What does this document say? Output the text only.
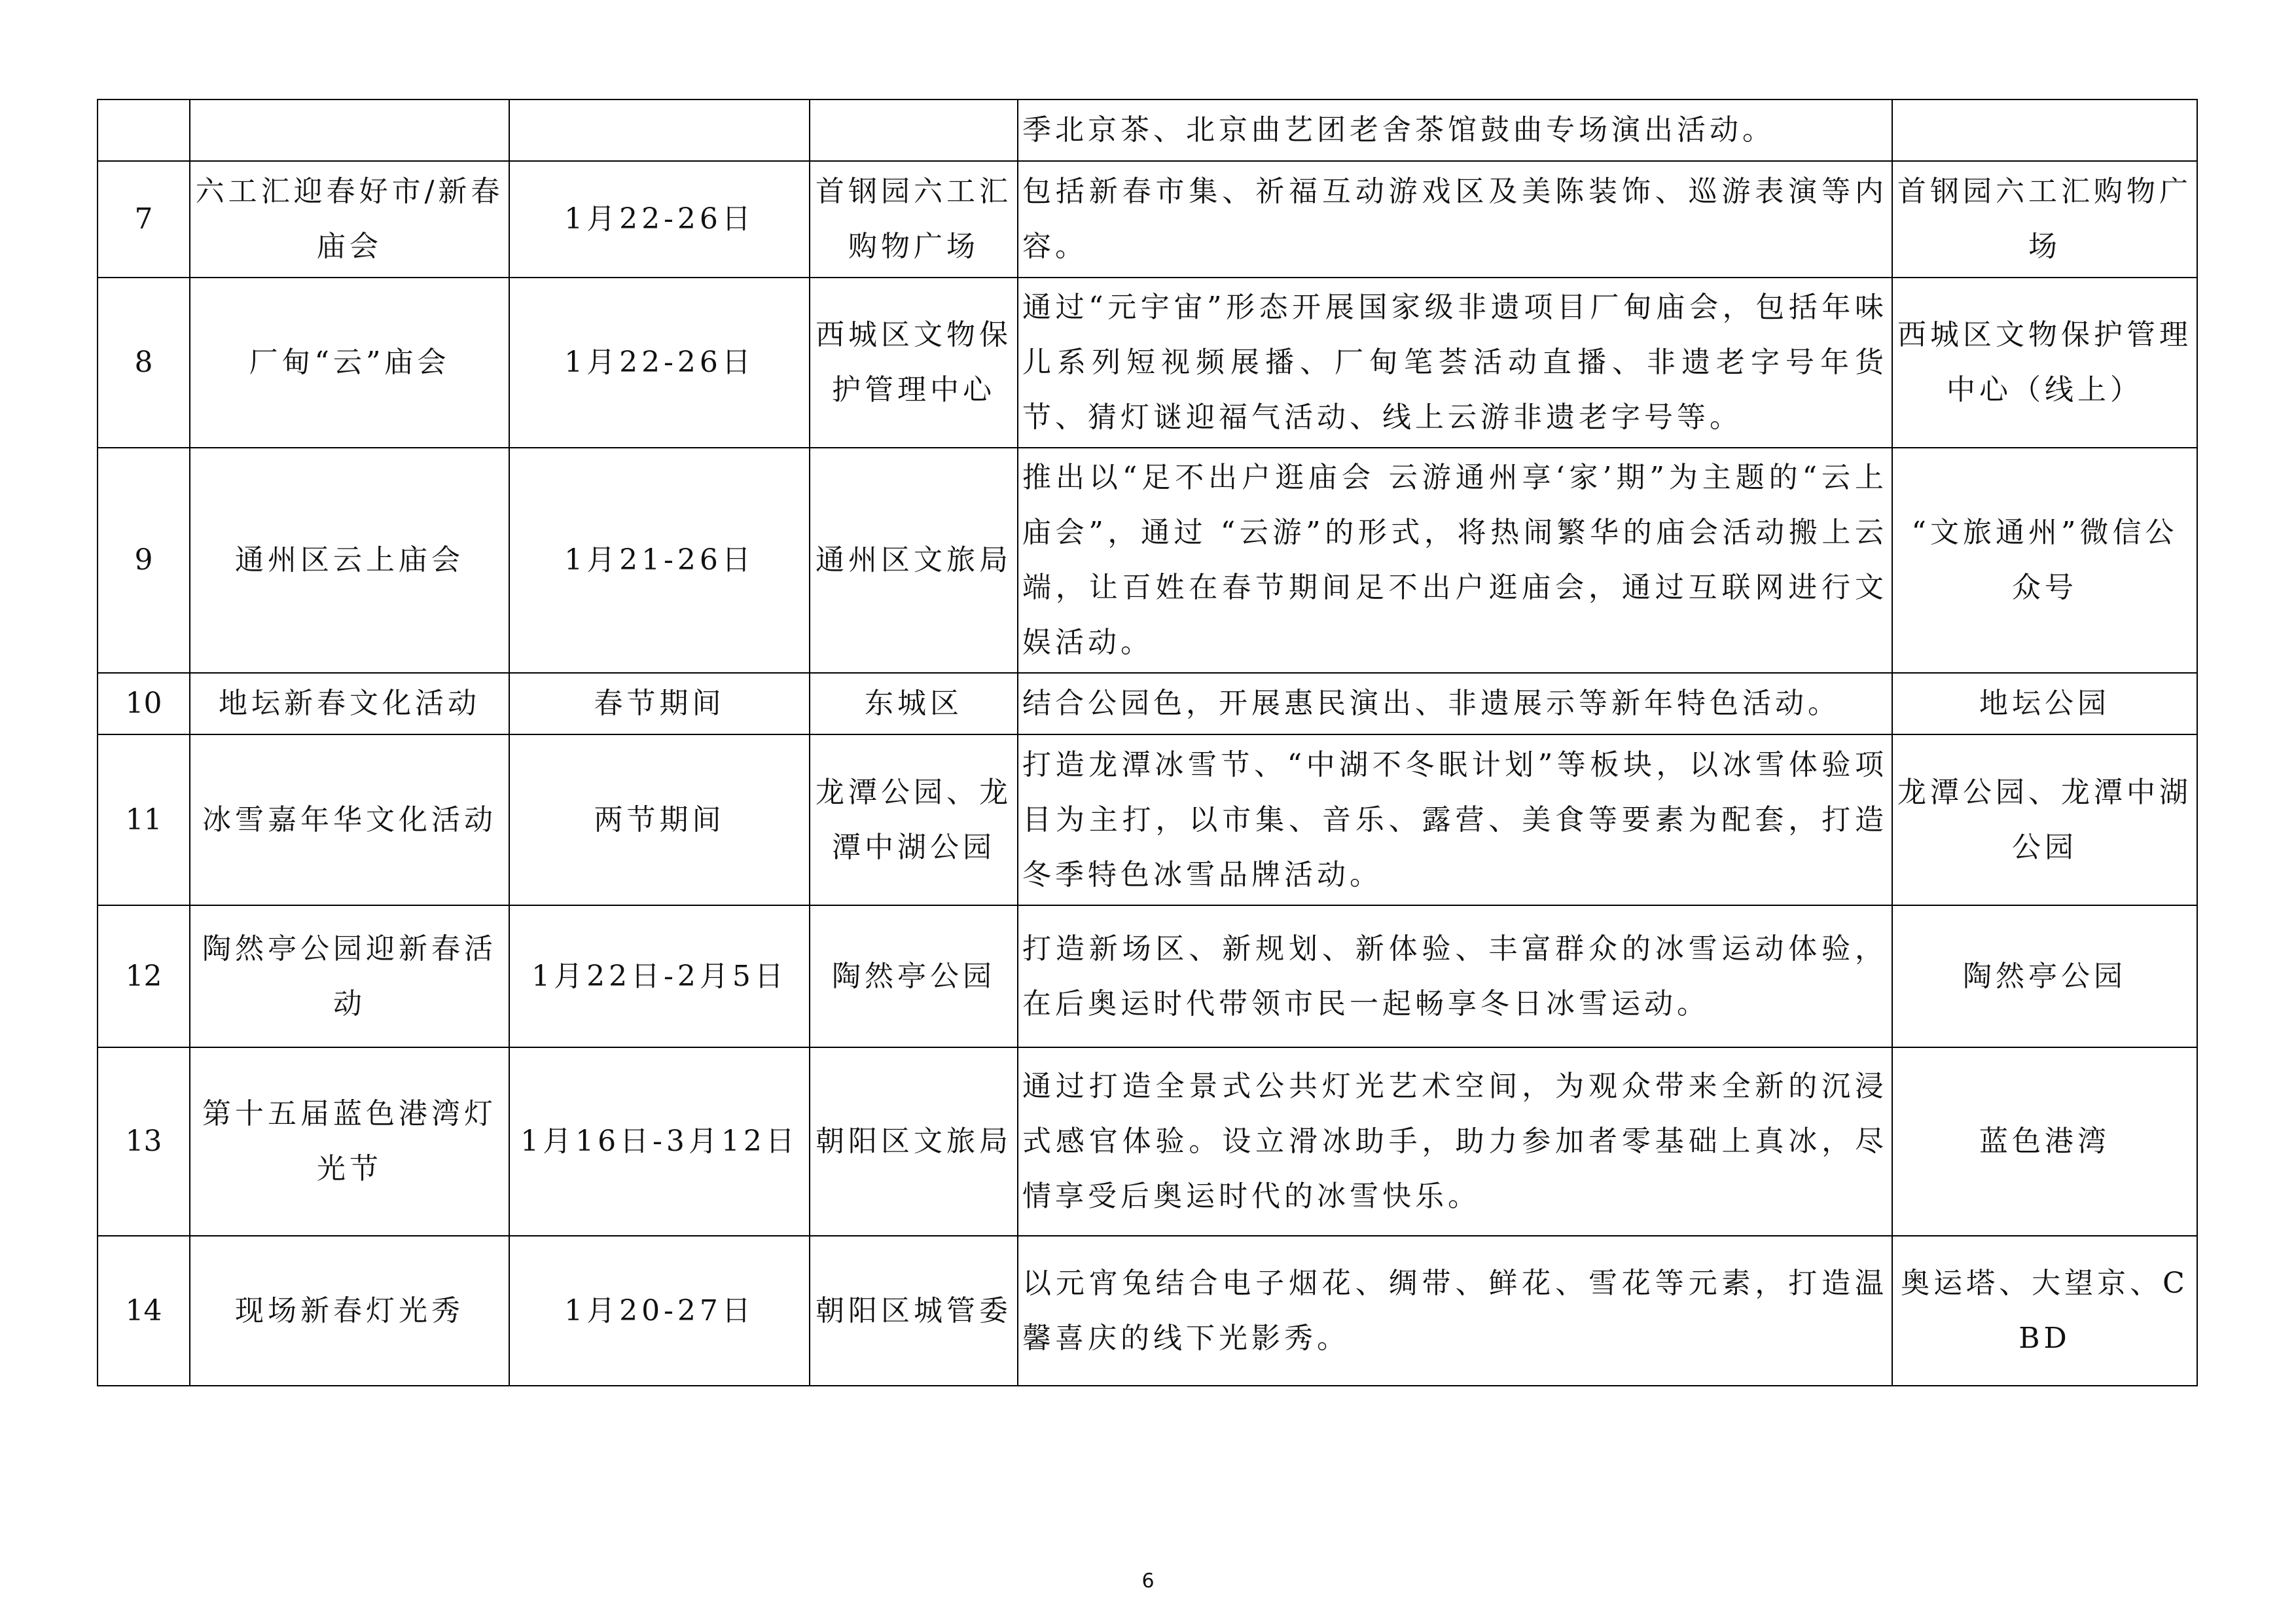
				季北京茶、北京曲艺团老舍茶馆鼓曲专场演出活动。	
7	六工汇迎春好市/新春庙会	1月22-26日	首钢园六工汇购物广场	包括新春市集、祈福互动游戏区及美陈装饰、巡游表演等内容。	首钢园六工汇购物广场
8	厂甸“云”庙会	1月22-26日	西城区文物保护管理中心	通过“元宇宙”形态开展国家级非遗项目厂甸庙会，包括年味儿系列短视频展播、厂甸笔荟活动直播、非遗老字号年货节、猜灯谜迎福气活动、线上云游非遗老字号等。	西城区文物保护管理中心（线上）
9	通州区云上庙会	1月21-26日	通州区文旅局	推出以“足不出户逛庙会 云游通州享‘家’期”为主题的“云上庙会”，通过 “云游”的形式，将热闹繁华的庙会活动搬上云端，让百姓在春节期间足不出户逛庙会，通过互联网进行文娱活动。	“文旅通州”微信公众号
10	地坛新春文化活动	春节期间	东城区	结合公园色，开展惠民演出、非遗展示等新年特色活动。	地坛公园
11	冰雪嘉年华文化活动	两节期间	龙潭公园、龙潭中湖公园	打造龙潭冰雪节、“中湖不冬眠计划”等板块，以冰雪体验项目为主打，以市集、音乐、露营、美食等要素为配套，打造冬季特色冰雪品牌活动。	龙潭公园、龙潭中湖公园
12	陶然亭公园迎新春活动	1月22日-2月5日	陶然亭公园	打造新场区、新规划、新体验、丰富群众的冰雪运动体验，在后奥运时代带领市民一起畅享冬日冰雪运动。	陶然亭公园
13	第十五届蓝色港湾灯光节	1月16日-3月12日	朝阳区文旅局	通过打造全景式公共灯光艺术空间，为观众带来全新的沉浸式感官体验。设立滑冰助手，助力参加者零基础上真冰，尽情享受后奥运时代的冰雪快乐。	蓝色港湾
14	现场新春灯光秀	1月20-27日	朝阳区城管委	以元宵兔结合电子烟花、绸带、鲜花、雪花等元素，打造温馨喜庆的线下光影秀。	奥运塔、大望京、CBD
6
